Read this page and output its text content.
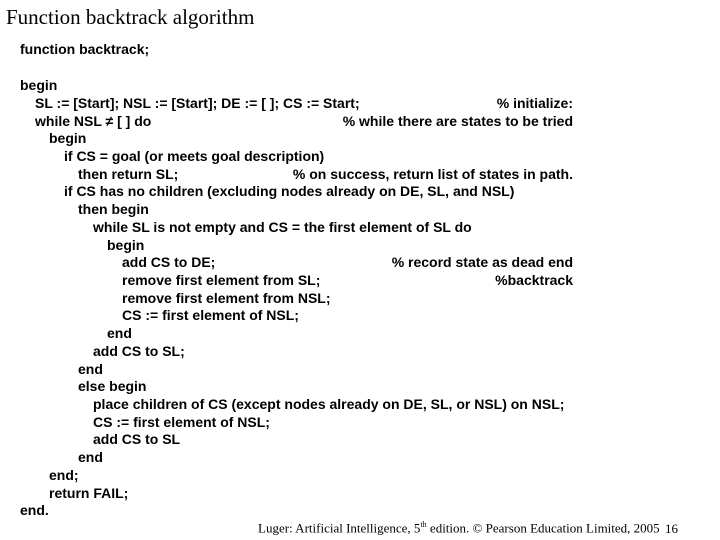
Function backtrack algorithm
function backtrack;
begin
SL := [Start]; NSL := [Start]; DE := [ ]; CS := Start;	% initialize:
while NSL ≠ [ ] do	% while there are states to be tried
begin
if CS = goal (or meets goal description)
then return SL;	% on success, return list of states in path.
if CS has no children (excluding nodes already on DE, SL, and NSL)
then begin
while SL is not empty and CS = the first element of SL do
begin
add CS to DE;	% record state as dead end
remove first element from SL;	%backtrack
remove first element from NSL;
CS := first element of NSL;
end
add CS to SL;
end
else begin
place children of CS (except nodes already on DE, SL, or NSL) on NSL;
CS := first element of NSL;
add CS to SL
end
end;
return FAIL;
end.
Luger: Artificial Intelligence, 5th edition. © Pearson Education Limited, 2005 16
